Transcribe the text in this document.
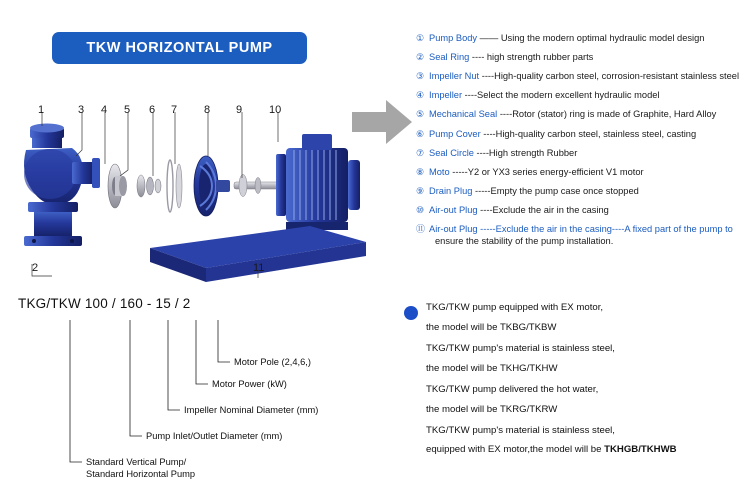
TKW HORIZONTAL PUMP
1	3 4 5 6 7 8 9 10
2	11
① Pump Body —— Using the modern optimal hydraulic model design
② Seal Ring ---- high strength rubber parts
③ Impeller Nut ----High-quality carbon steel, corrosion-resistant stainless steel
④ Impeller ----Select the modern excellent hydraulic model
⑤ Mechanical Seal ----Rotor (stator) ring is made of Graphite, Hard Alloy
⑥ Pump Cover ----High-quality carbon steel, stainless steel, casting
⑦ Seal Circle ----High strength Rubber
⑧ Moto -----Y2 or YX3 series energy-efficient V1 motor
⑨ Drain Plug -----Empty the pump case once stopped
⑩ Air-out Plug ----Exclude the air in the casing
⑪ Air-out Plug -----Exclude the air in the casing----A fixed part of the pump to
ensure the stability of the pump installation.
TKG/TKW 100 / 160 - 15 / 2
Motor Pole (2,4,6,)
Motor Power (kW)
Impeller Nominal Diameter (mm)
Pump Inlet/Outlet Diameter (mm)
Standard Vertical Pump/
Standard Horizontal Pump
TKG/TKW pump equipped with EX motor,
the model will be TKBG/TKBW
TKG/TKW pump's material is stainless steel,
the model will be TKHG/TKHW
TKG/TKW pump delivered the hot water,
the model will be TKRG/TKRW
TKG/TKW pump's material is stainless steel,
equipped with EX motor,the model will be TKHGB/TKHWB
